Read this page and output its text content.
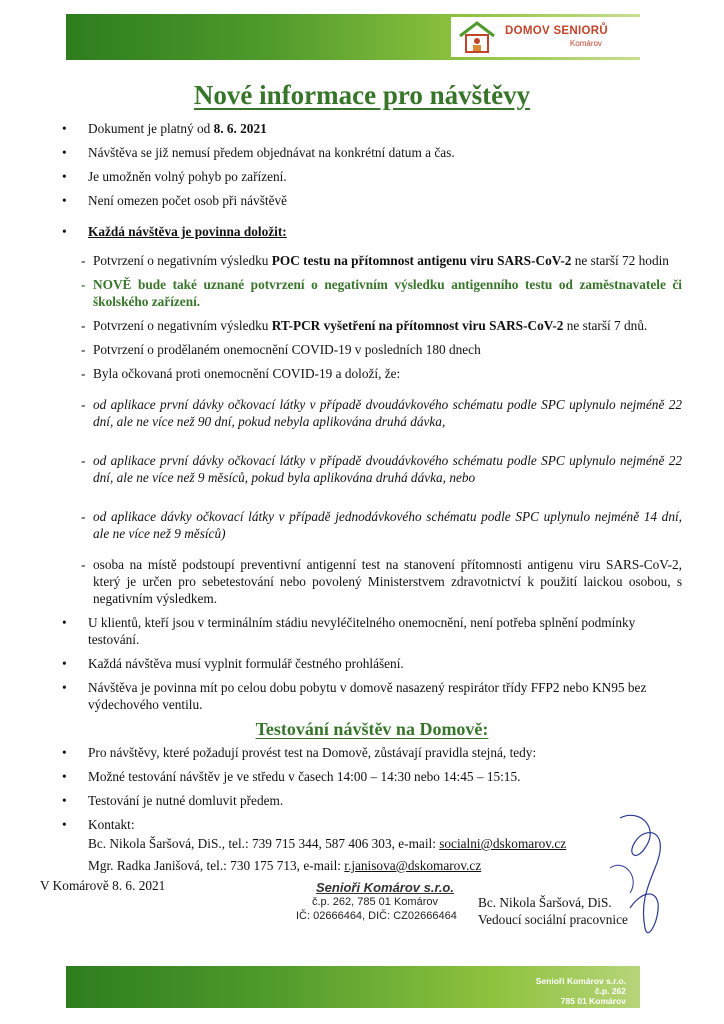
DOMOV SENIORŮ
Komárov
Nové informace pro návštěvy
• Dokument je platný od 8. 6. 2021
• Návštěva se již nemusí předem objednávat na konkrétní datum a čas.
• Je umožněn volný pohyb po zařízení.
• Není omezen počet osob při návštěvě
• Každá návštěva je povinna doložit:
- Potvrzení o negativním výsledku POC testu na přítomnost antigenu viru SARS-CoV-2 ne starší 72 hodin
- NOVĚ bude také uznané potvrzení o negativním výsledku antigenního testu od zaměstnavatele či školského zařízení.
- Potvrzení o negativním výsledku RT-PCR vyšetření na přítomnost viru SARS-CoV-2 ne starší 7 dnů.
- Potvrzení o prodělaném onemocnění COVID-19 v posledních 180 dnech
- Byla očkovaná proti onemocnění COVID-19 a doloží, že:
- od aplikace první dávky očkovací látky v případě dvoudávkového schématu podle SPC uplynulo nejméně 22 dní, ale ne více než 90 dní, pokud nebyla aplikována druhá dávka,
- od aplikace první dávky očkovací látky v případě dvoudávkového schématu podle SPC uplynulo nejméně 22 dní, ale ne více než 9 měsíců, pokud byla aplikována druhá dávka, nebo
- od aplikace dávky očkovací látky v případě jednodávkového schématu podle SPC uplynulo nejméně 14 dní, ale ne více než 9 měsíců)
- osoba na místě podstoupí preventivní antigenní test na stanovení přítomnosti antigenu viru SARS-CoV-2, který je určen pro sebetestování nebo povolený Ministerstvem zdravotnictví k použití laickou osobou, s negativním výsledkem.
• U klientů, kteří jsou v terminálním stádiu nevyléčitelného onemocnění, není potřeba splnění podmínky testování.
• Každá návštěva musí vyplnit formulář čestného prohlášení.
• Návštěva je povinna mít po celou dobu pobytu v domově nasazený respirátor třídy FFP2 nebo KN95 bez výdechového ventilu.
Testování návštěv na Domově:
• Pro návštěvy, které požadují provést test na Domově, zůstávají pravidla stejná, tedy:
• Možné testování návštěv je ve středu v časech 14:00 – 14:30 nebo 14:45 – 15:15.
• Testování je nutné domluvit předem.
• Kontakt:
Bc. Nikola Šaršová, DiS., tel.: 739 715 344, 587 406 303, e-mail: socialni@dskomarov.cz
Mgr. Radka Janišová, tel.: 730 175 713, e-mail: r.janisova@dskomarov.cz
V Komárově 8. 6. 2021	Senioři Komárov s.r.o.
č.p. 262, 785 01 Komárov
IČ: 02666464, DIČ: CZ02666464
Bc. Nikola Šaršová, DiS.
Vedoucí sociální pracovnice
Senioři Komárov s.r.o.
č.p. 262
785 01 Komárov
